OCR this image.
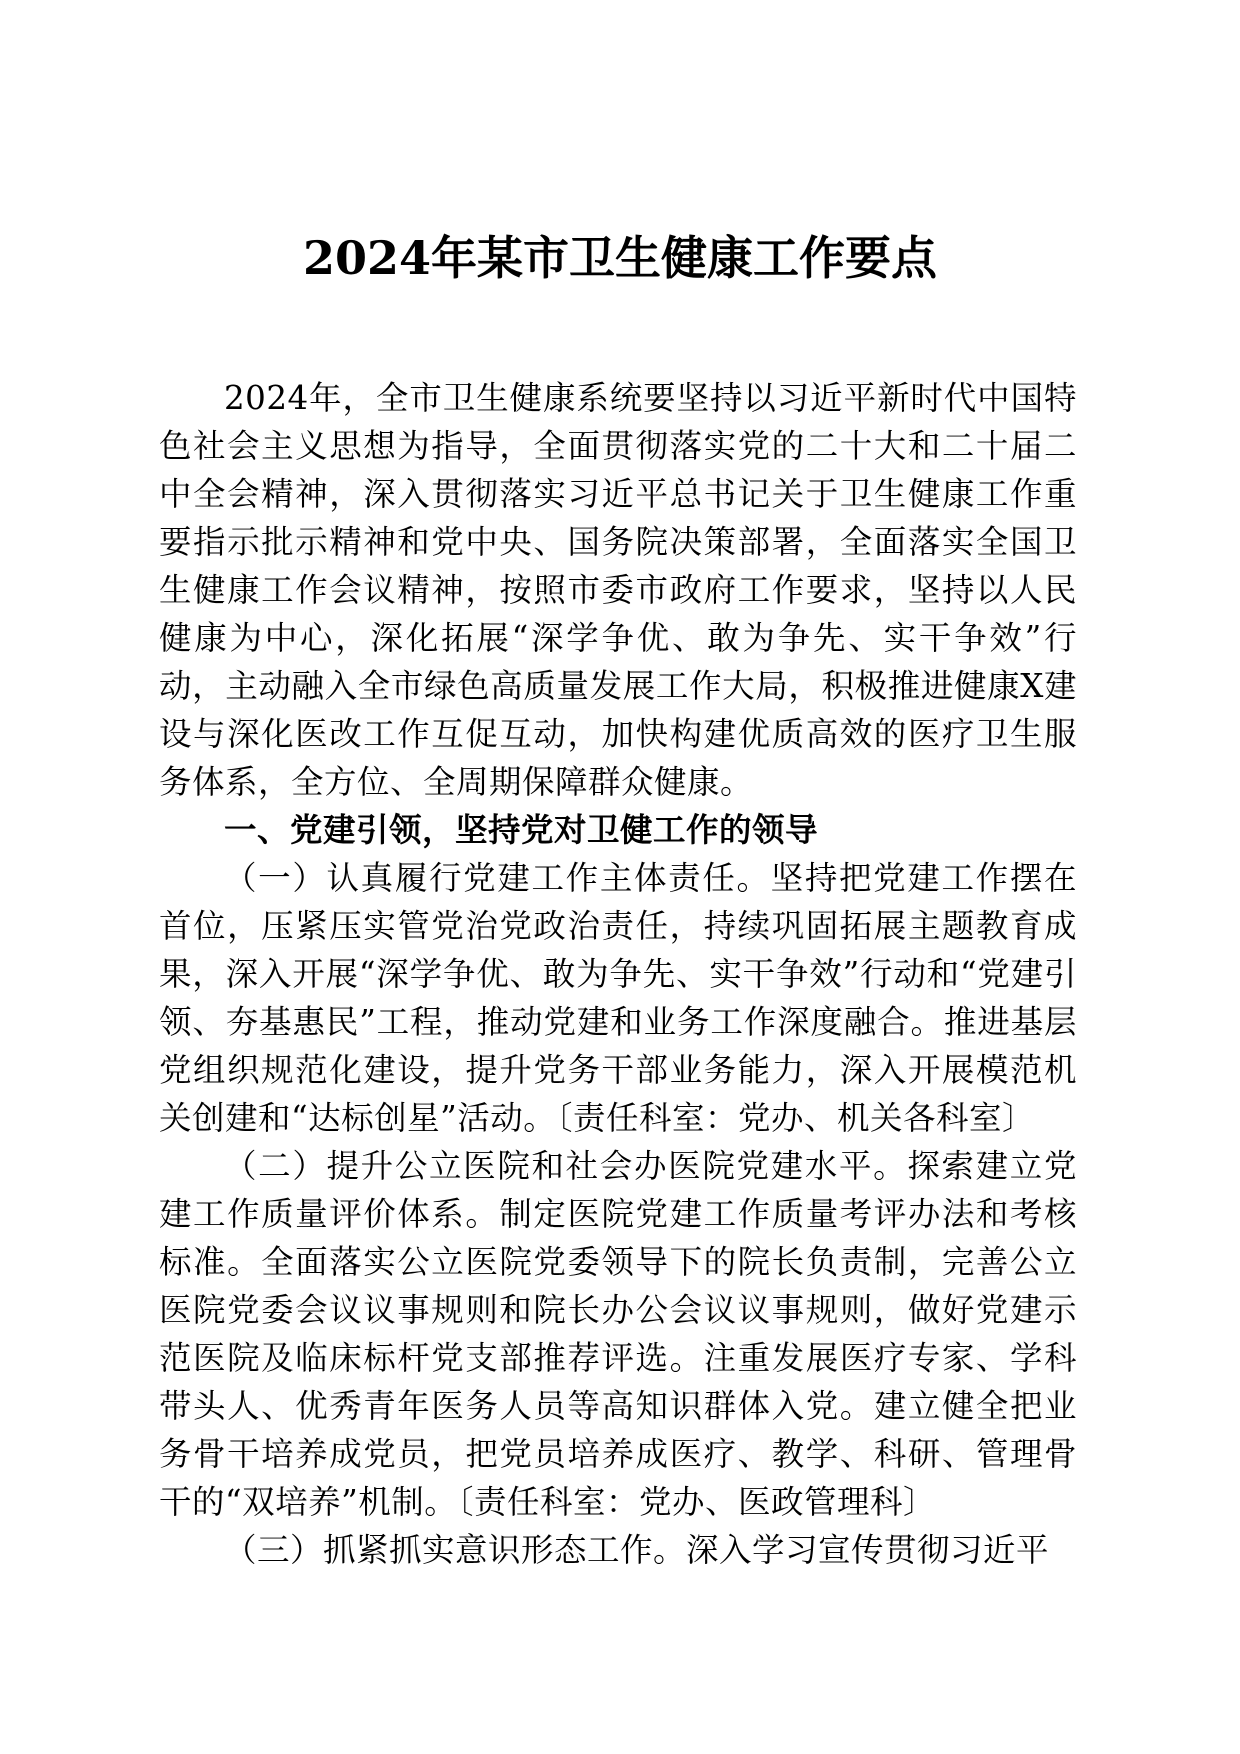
2024年某市卫生健康工作要点

2024年，全市卫生健康系统要坚持以习近平新时代中国特色社会主义思想为指导，全面贯彻落实党的二十大和二十届二中全会精神，深入贯彻落实习近平总书记关于卫生健康工作重要指示批示精神和党中央、国务院决策部署，全面落实全国卫生健康工作会议精神，按照市委市政府工作要求，坚持以人民健康为中心，深化拓展“深学争优、敢为争先、实干争效”行动，主动融入全市绿色高质量发展工作大局，积极推进健康X建设与深化医改工作互促互动，加快构建优质高效的医疗卫生服务体系，全方位、全周期保障群众健康。

一、党建引领，坚持党对卫健工作的领导

（一）认真履行党建工作主体责任。坚持把党建工作摆在首位，压紧压实管党治党政治责任，持续巩固拓展主题教育成果，深入开展“深学争优、敢为争先、实干争效”行动和“党建引领、夯基惠民”工程，推动党建和业务工作深度融合。推进基层党组织规范化建设，提升党务干部业务能力，深入开展模范机关创建和“达标创星”活动。〔责任科室：党办、机关各科室〕

（二）提升公立医院和社会办医院党建水平。探索建立党建工作质量评价体系。制定医院党建工作质量考评办法和考核标准。全面落实公立医院党委领导下的院长负责制，完善公立医院党委会议议事规则和院长办公会议议事规则，做好党建示范医院及临床标杆党支部推荐评选。注重发展医疗专家、学科带头人、优秀青年医务人员等高知识群体入党。建立健全把业务骨干培养成党员，把党员培养成医疗、教学、科研、管理骨干的“双培养”机制。〔责任科室：党办、医政管理科〕

（三）抓紧抓实意识形态工作。深入学习宣传贯彻习近平
